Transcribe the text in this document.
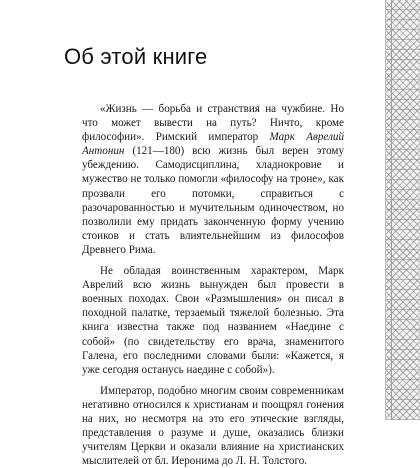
Об этой книге

«Жизнь — борьба и странствия на чужбине. Но что может вывести на путь? Ничто, кроме философии». Римский император Марк Аврелий Антонин (121—180) всю жизнь был верен этому убеждению. Самодисциплина, хладнокровие и мужество не только помогли «философу на троне», как прозвали его потомки, справиться с разочарованностью и мучительным одиночеством, но позволили ему придать законченную форму учению стоиков и стать влиятельнейшим из философов Древнего Рима.

Не обладая воинственным характером, Марк Аврелий всю жизнь вынужден был провести в военных походах. Свои «Размышления» он писал в походной палатке, терзаемый тяжелой болезнью. Эта книга известна также под названием «Наедине с собой» (по свидетельству его врача, знаменитого Галена, его последними словами были: «Кажется, я уже сегодня останусь наедине с собой»).

Император, подобно многим своим современникам негативно относился к христианам и поощрял гонения на них, но несмотря на это его этические взгляды, представления о разуме и душе, оказались близки учителям Церкви и оказали влияние на христианских мыслителей от бл. Иеронима до Л. Н. Толстого.
